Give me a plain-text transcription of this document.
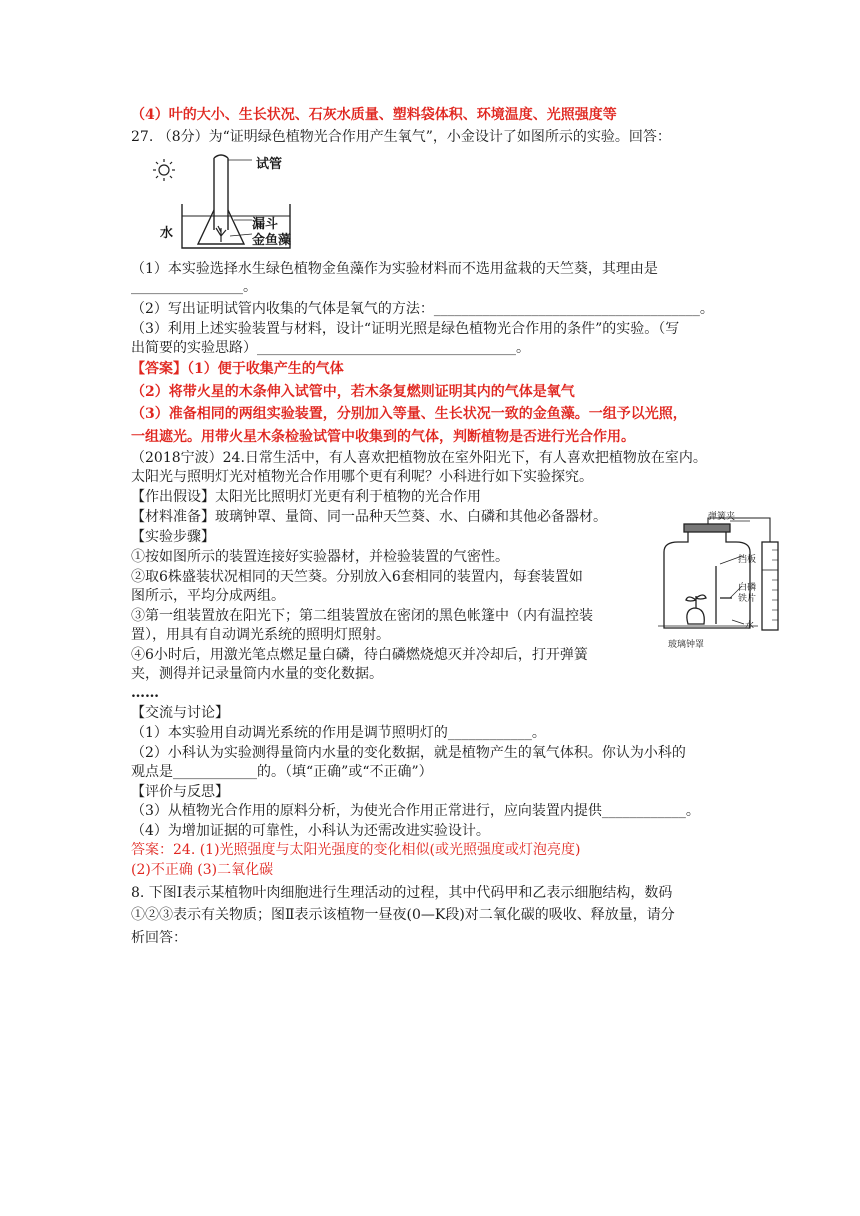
（4）叶的大小、生长状况、石灰水质量、塑料袋体积、环境温度、光照强度等
27. （8分）为“证明绿色植物光合作用产生氧气”，小金设计了如图所示的实验。回答：
试管
水
漏斗
金鱼藻
（1）本实验选择水生绿色植物金鱼藻作为实验材料而不选用盆栽的天竺葵，其理由是
________________。
（2）写出证明试管内收集的气体是氧气的方法：______________________________________。
（3）利用上述实验装置与材料，设计“证明光照是绿色植物光合作用的条件”的实验。（写
出简要的实验思路）_____________________________________。
【答案】（1）便于收集产生的气体
（2）将带火星的木条伸入试管中，若木条复燃则证明其内的气体是氧气
（3）准备相同的两组实验装置，分别加入等量、生长状况一致的金鱼藻。一组予以光照，
一组遮光。用带火星木条检验试管中收集到的气体，判断植物是否进行光合作用。
（2018宁波）24.日常生活中，有人喜欢把植物放在室外阳光下，有人喜欢把植物放在室内。
太阳光与照明灯光对植物光合作用哪个更有利呢？小科进行如下实验探究。
【作出假设】太阳光比照明灯光更有利于植物的光合作用
【材料准备】玻璃钟罩、量筒、同一品种天竺葵、水、白磷和其他必备器材。
【实验步骤】
①按如图所示的装置连接好实验器材，并检验装置的气密性。
②取6株盛装状况相同的天竺葵。分别放入6套相同的装置内，每套装置如
图所示，平均分成两组。
③第一组装置放在阳光下；第二组装置放在密闭的黑色帐篷中（内有温控装
置），用具有自动调光系统的照明灯照射。
④6小时后，用激光笔点燃足量白磷，待白磷燃烧熄灭并冷却后，打开弹簧
夹，测得并记录量筒内水量的变化数据。
……
弹簧夹
挡板
白磷
铁片
水
玻璃钟罩
【交流与讨论】
（1）本实验用自动调光系统的作用是调节照明灯的____________。
（2）小科认为实验测得量筒内水量的变化数据，就是植物产生的氧气体积。你认为小科的
观点是____________的。（填“正确”或“不正确”）
【评价与反思】
（3）从植物光合作用的原料分析，为使光合作用正常进行，应向装置内提供____________。
（4）为增加证据的可靠性，小科认为还需改进实验设计。
答案：24. (1)光照强度与太阳光强度的变化相似(或光照强度或灯泡亮度)
(2)不正确 (3)二氧化碳
8. 下图Ⅰ表示某植物叶肉细胞进行生理活动的过程，其中代码甲和乙表示细胞结构，数码
①②③表示有关物质；图Ⅱ表示该植物一昼夜(0—K段)对二氧化碳的吸收、释放量，请分
析回答：
